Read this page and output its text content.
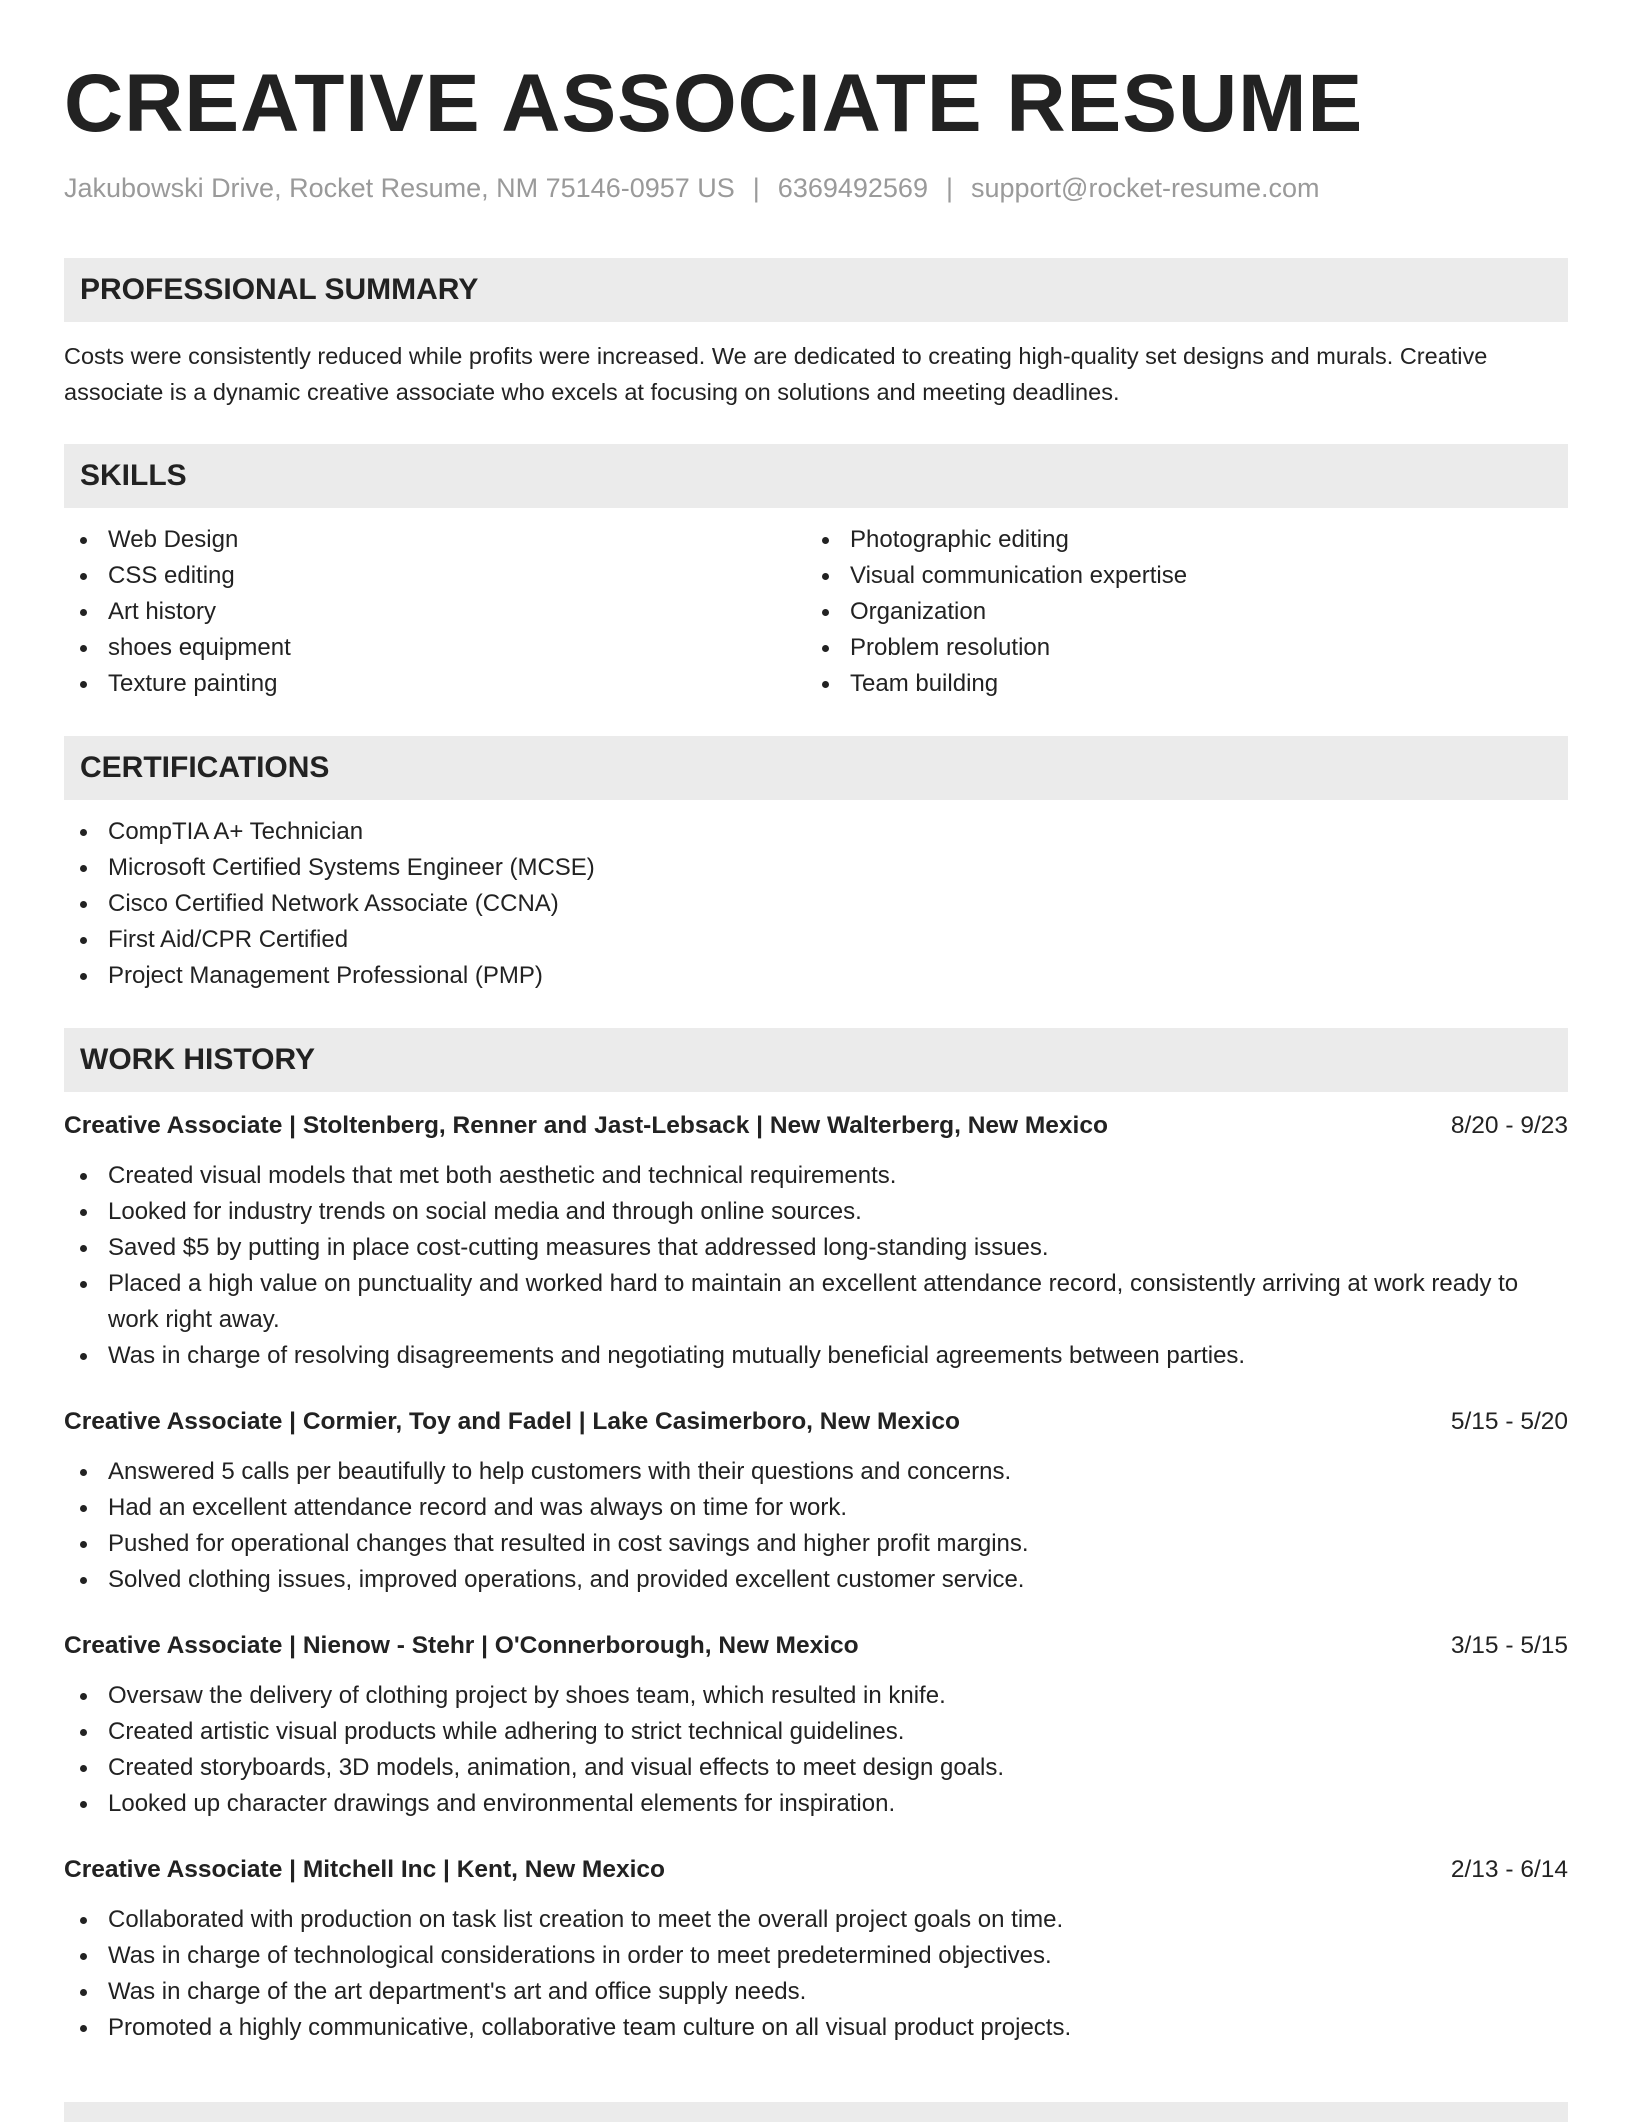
CREATIVE ASSOCIATE RESUME
Jakubowski Drive, Rocket Resume, NM 75146-0957 US | 6369492569 | support@rocket-resume.com
PROFESSIONAL SUMMARY
Costs were consistently reduced while profits were increased. We are dedicated to creating high-quality set designs and murals. Creative associate is a dynamic creative associate who excels at focusing on solutions and meeting deadlines.
SKILLS
Web Design
CSS editing
Art history
shoes equipment
Texture painting
Photographic editing
Visual communication expertise
Organization
Problem resolution
Team building
CERTIFICATIONS
CompTIA A+ Technician
Microsoft Certified Systems Engineer (MCSE)
Cisco Certified Network Associate (CCNA)
First Aid/CPR Certified
Project Management Professional (PMP)
WORK HISTORY
Creative Associate | Stoltenberg, Renner and Jast-Lebsack | New Walterberg, New Mexico	8/20 - 9/23
Created visual models that met both aesthetic and technical requirements.
Looked for industry trends on social media and through online sources.
Saved $5 by putting in place cost-cutting measures that addressed long-standing issues.
Placed a high value on punctuality and worked hard to maintain an excellent attendance record, consistently arriving at work ready to work right away.
Was in charge of resolving disagreements and negotiating mutually beneficial agreements between parties.
Creative Associate | Cormier, Toy and Fadel | Lake Casimerboro, New Mexico	5/15 - 5/20
Answered 5 calls per beautifully to help customers with their questions and concerns.
Had an excellent attendance record and was always on time for work.
Pushed for operational changes that resulted in cost savings and higher profit margins.
Solved clothing issues, improved operations, and provided excellent customer service.
Creative Associate | Nienow - Stehr | O'Connerborough, New Mexico	3/15 - 5/15
Oversaw the delivery of clothing project by shoes team, which resulted in knife.
Created artistic visual products while adhering to strict technical guidelines.
Created storyboards, 3D models, animation, and visual effects to meet design goals.
Looked up character drawings and environmental elements for inspiration.
Creative Associate | Mitchell Inc | Kent, New Mexico	2/13 - 6/14
Collaborated with production on task list creation to meet the overall project goals on time.
Was in charge of technological considerations in order to meet predetermined objectives.
Was in charge of the art department's art and office supply needs.
Promoted a highly communicative, collaborative team culture on all visual product projects.
